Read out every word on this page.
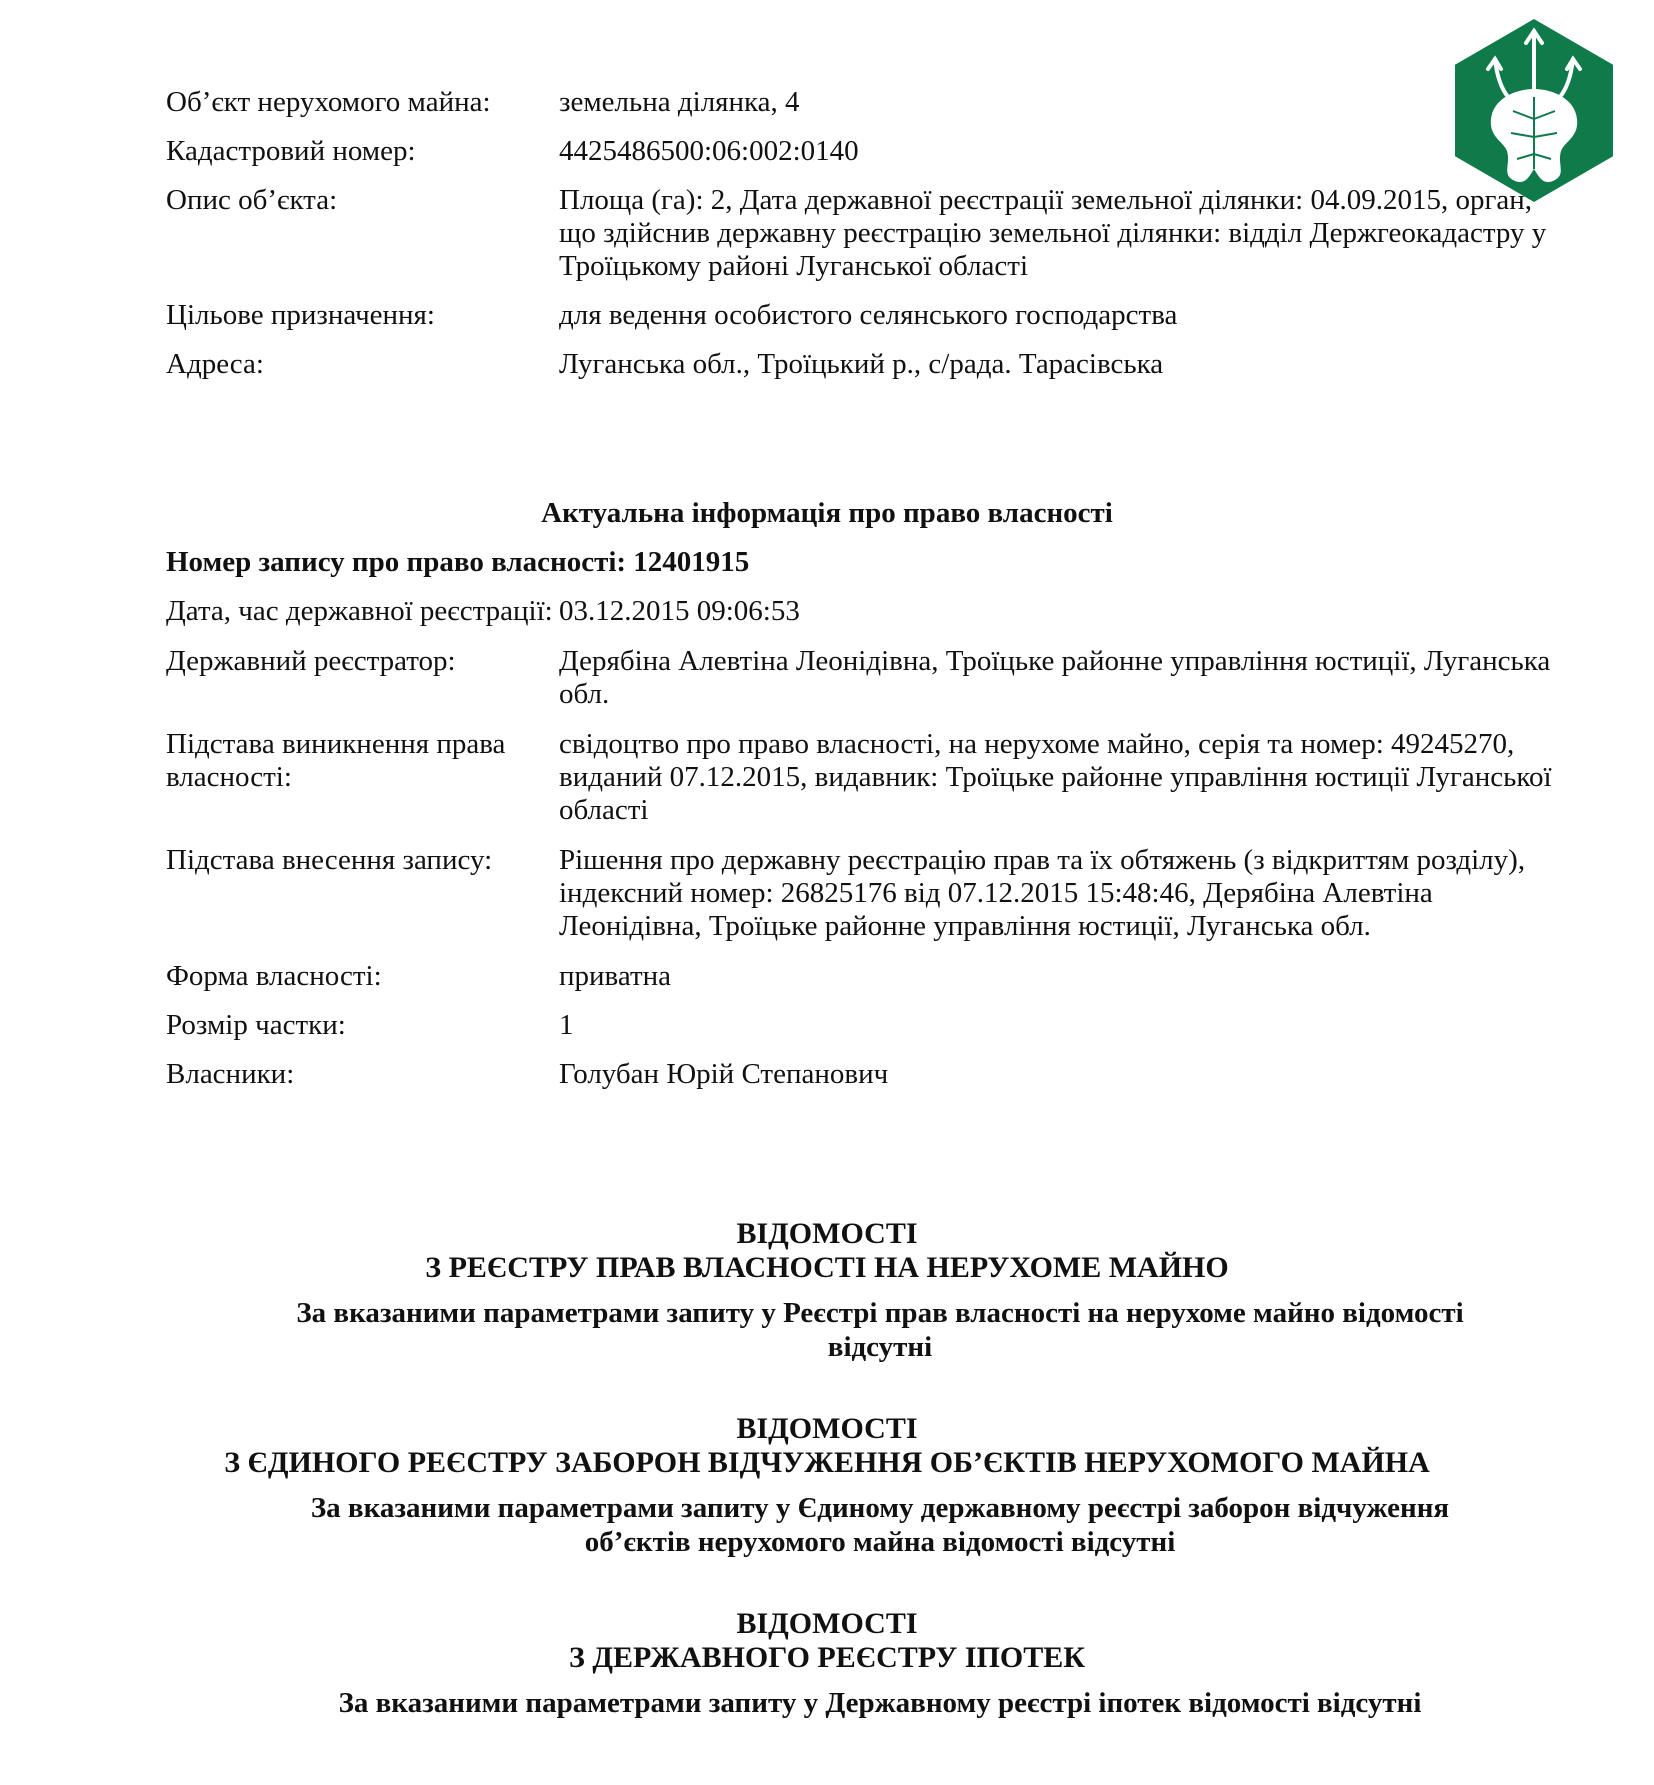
Об’єкт нерухомого майна:	земельна ділянка, 4
Кадастровий номер:	4425486500:06:002:0140
Опис об’єкта:	Площа (га): 2, Дата державної реєстрації земельної ділянки: 04.09.2015, орган, що здійснив державну реєстрацію земельної ділянки: відділ Держгеокадастру у Троїцькому районі Луганської області
Цільове призначення:	для ведення особистого селянського господарства
Адреса:	Луганська обл., Троїцький р., с/рада. Тарасівська
Актуальна інформація про право власності
Номер запису про право власності: 12401915
Дата, час державної реєстрації: 03.12.2015 09:06:53
Державний реєстратор:	Дерябіна Алевтіна Леонідівна, Троїцьке районне управління юстиції, Луганська обл.
Підстава виникнення права власності:
свідоцтво про право власності, на нерухоме майно, серія та номер: 49245270, виданий 07.12.2015, видавник: Троїцьке районне управління юстиції Луганської області
Підстава внесення запису:	Рішення про державну реєстрацію прав та їх обтяжень (з відкриттям розділу), індексний номер: 26825176 від 07.12.2015 15:48:46, Дерябіна Алевтіна Леонідівна, Троїцьке районне управління юстиції, Луганська обл.
Форма власності:	приватна
Розмір частки:	1
Власники:	Голубан Юрій Степанович
ВІДОМОСТІ
З РЕЄСТРУ ПРАВ ВЛАСНОСТІ НА НЕРУХОМЕ МАЙНО
За вказаними параметрами запиту у Реєстрі прав власності на нерухоме майно відомості
відсутні
ВІДОМОСТІ
З ЄДИНОГО РЕЄСТРУ ЗАБОРОН ВІДЧУЖЕННЯ ОБ’ЄКТІВ НЕРУХОМОГО МАЙНА
За вказаними параметрами запиту у Єдиному державному реєстрі заборон відчуження
об’єктів нерухомого майна відомості відсутні
ВІДОМОСТІ
З ДЕРЖАВНОГО РЕЄСТРУ ІПОТЕК
За вказаними параметрами запиту у Державному реєстрі іпотек відомості відсутні
